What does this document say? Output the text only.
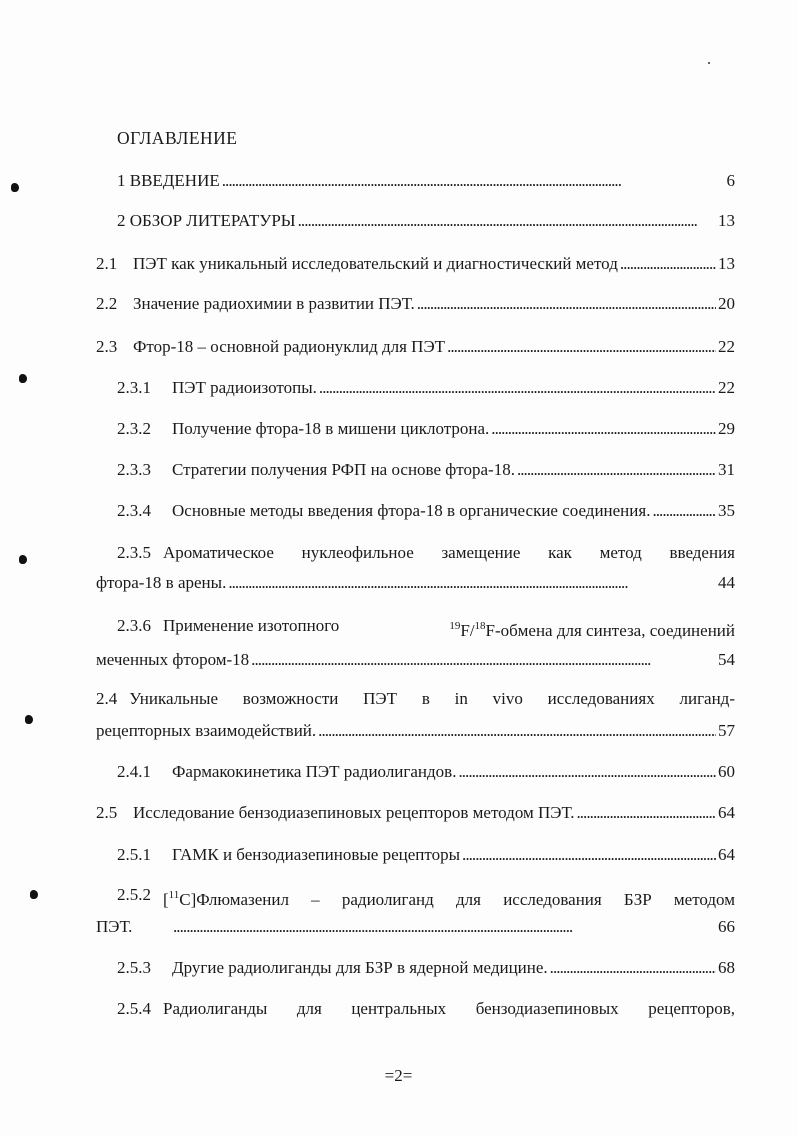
ОГЛАВЛЕНИЕ
1 ВВЕДЕНИЕ . . .	6
2 ОБЗОР ЛИТЕРАТУРЫ . . .	13
2.1 ПЭТ как уникальный исследовательский и диагностический метод . . .	13
2.2 Значение радиохимии в развитии ПЭТ. . . .	20
2.3 Фтор-18 – основной радионуклид для ПЭТ . . .	22
2.3.1	ПЭТ радиоизотопы. . . .	22
2.3.2	Получение фтора-18 в мишени циклотрона. . . .	29
2.3.3	Стратегии получения РФП на основе фтора-18. . . .	31
2.3.4	Основные методы введения фтора-18 в органические соединения. . . .	35
2.3.5 Ароматическое нуклеофильное замещение как метод введения
фтора-18 в арены. . . .	44
2.3.6 Применение изотопного	$^{19}$F/$^{18}$F-обмена для синтеза, соединений
меченных фтором-18 . . .	54
2.4 Уникальные возможности ПЭТ в in vivo исследованиях лиганд-
рецепторных взаимодействий. . . .	57
2.4.1	Фармакокинетика ПЭТ радиолигандов. . . .	60
2.5 Исследование бензодиазепиновых рецепторов методом ПЭТ. . . .	64
2.5.1	ГАМК и бензодиазепиновые рецепторы . . .	64
2.5.2 [$^{11}$С]Флюмазенил – радиолиганд для исследования БЗР методом
ПЭТ. . . .	66
2.5.3	Другие радиолиганды для БЗР в ядерной медицине. . . .	68
2.5.4 Радиолиганды для центральных бензодиазепиновых рецепторов,
=2=
